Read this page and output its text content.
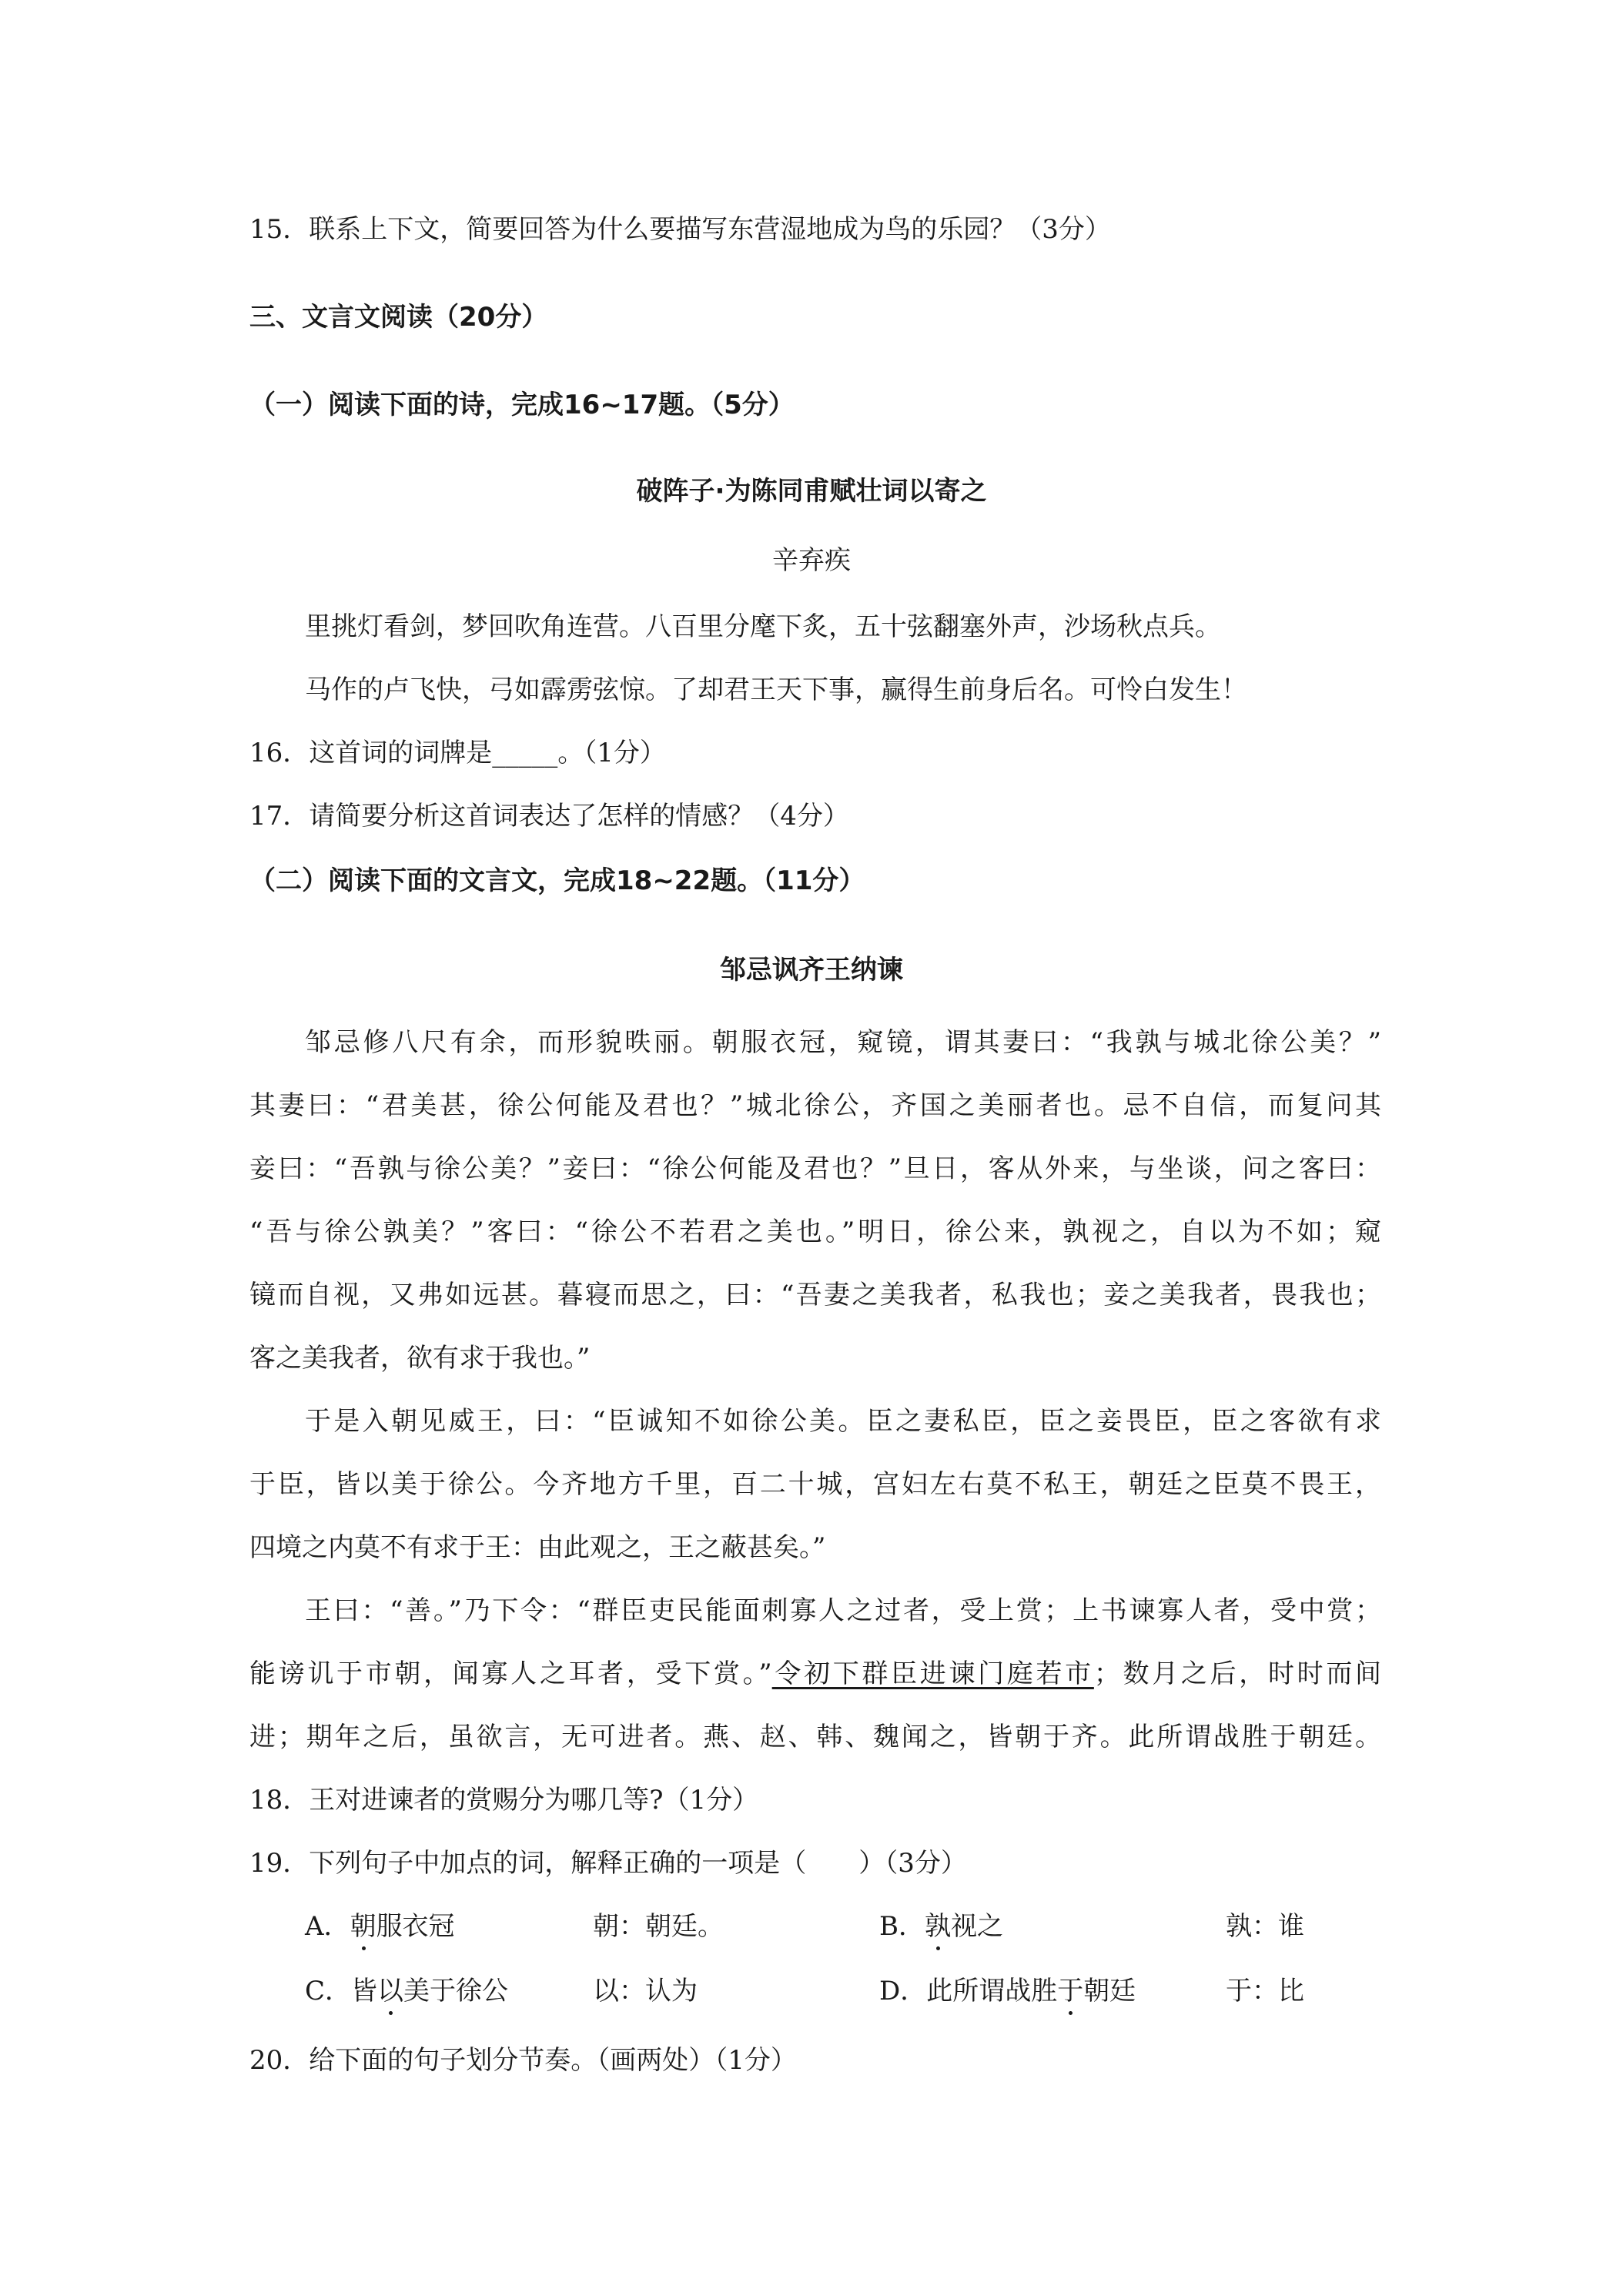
15．联系上下文，简要回答为什么要描写东营湿地成为鸟的乐园？（3分）
三、文言文阅读（20分）
（一）阅读下面的诗，完成16~17题。（5分）
破阵子·为陈同甫赋壮词以寄之
辛弃疾
里挑灯看剑，梦回吹角连营。八百里分麾下炙，五十弦翻塞外声，沙场秋点兵。
马作的卢飞快，弓如霹雳弦惊。了却君王天下事，赢得生前身后名。可怜白发生！
16．这首词的词牌是_____。（1分）
17．请简要分析这首词表达了怎样的情感？（4分）
（二）阅读下面的文言文，完成18~22题。（11分）
邹忌讽齐王纳谏
邹忌修八尺有余，而形貌昳丽。朝服衣冠，窥镜，谓其妻曰：“我孰与城北徐公美？”
其妻曰：“君美甚，徐公何能及君也？”城北徐公，齐国之美丽者也。忌不自信，而复问其
妾曰：“吾孰与徐公美？”妾曰：“徐公何能及君也？”旦日，客从外来，与坐谈，问之客曰：
“吾与徐公孰美？”客曰：“徐公不若君之美也。”明日，徐公来，孰视之，自以为不如；窥
镜而自视，又弗如远甚。暮寝而思之，曰：“吾妻之美我者，私我也；妾之美我者，畏我也；
客之美我者，欲有求于我也。”
于是入朝见威王，曰：“臣诚知不如徐公美。臣之妻私臣，臣之妾畏臣，臣之客欲有求
于臣，皆以美于徐公。今齐地方千里，百二十城，宫妇左右莫不私王，朝廷之臣莫不畏王，
四境之内莫不有求于王：由此观之，王之蔽甚矣。”
王曰：“善。”乃下令：“群臣吏民能面刺寡人之过者，受上赏；上书谏寡人者，受中赏；
能谤讥于市朝，闻寡人之耳者，受下赏。”令初下群臣进谏门庭若市；数月之后，时时而间
进；期年之后，虽欲言，无可进者。燕、赵、韩、魏闻之，皆朝于齐。此所谓战胜于朝廷。
18．王对进谏者的赏赐分为哪几等?（1分）
19．下列句子中加点的词，解释正确的一项是（　　）（3分）
A．朝服衣冠	朝：朝廷。	B．孰视之	孰：谁
C．皆以美于徐公	以：认为	D．此所谓战胜于朝廷	于：比
20．给下面的句子划分节奏。（画两处）（1分）
